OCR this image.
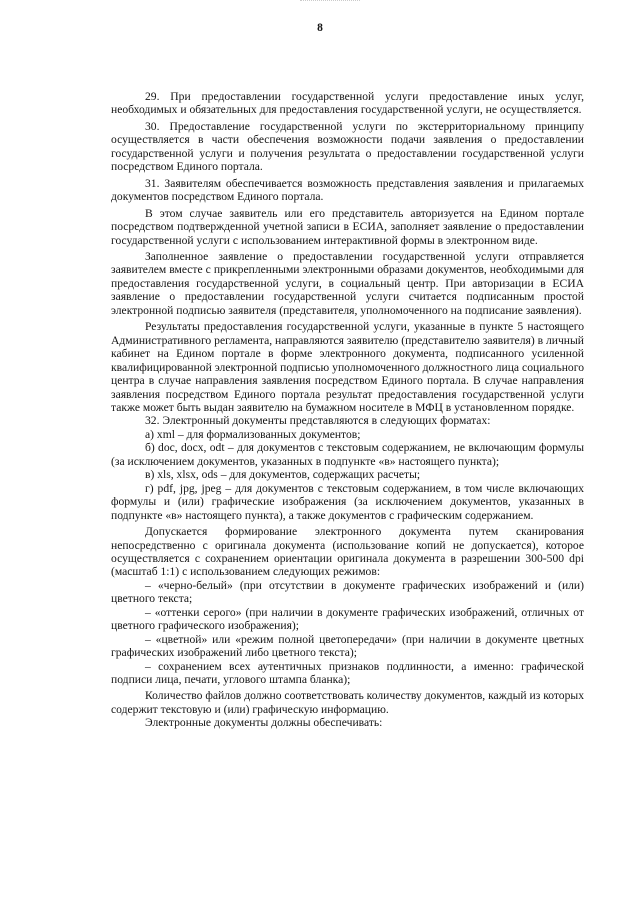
8

29. При предоставлении государственной услуги предоставление иных услуг, необходимых и обязательных для предоставления государственной услуги, не осуществляется.

30. Предоставление государственной услуги по экстерриториальному принципу осуществляется в части обеспечения возможности подачи заявления о предоставлении государственной услуги и получения результата о предоставлении государственной услуги посредством Единого портала.

31. Заявителям обеспечивается возможность представления заявления и прилагаемых документов посредством Единого портала.

В этом случае заявитель или его представитель авторизуется на Едином портале посредством подтвержденной учетной записи в ЕСИА, заполняет заявление о предоставлении государственной услуги с использованием интерактивной формы в электронном виде.

Заполненное заявление о предоставлении государственной услуги отправляется заявителем вместе с прикрепленными электронными образами документов, необходимыми для предоставления государственной услуги, в социальный центр. При авторизации в ЕСИА заявление о предоставлении государственной услуги считается подписанным простой электронной подписью заявителя (представителя, уполномоченного на подписание заявления).

Результаты предоставления государственной услуги, указанные в пункте 5 настоящего Административного регламента, направляются заявителю (представителю заявителя) в личный кабинет на Едином портале в форме электронного документа, подписанного усиленной квалифицированной электронной подписью уполномоченного должностного лица социального центра в случае направления заявления посредством Единого портала. В случае направления заявления посредством Единого портала результат предоставления государственной услуги также может быть выдан заявителю на бумажном носителе в МФЦ в установленном порядке.

32. Электронный документы представляются в следующих форматах:

а) xml – для формализованных документов;

б) doc, docx, odt – для документов с текстовым содержанием, не включающим формулы (за исключением документов, указанных в подпункте «в» настоящего пункта);

в) xls, xlsx, ods – для документов, содержащих расчеты;

г) pdf, jpg, jpeg – для документов с текстовым содержанием, в том числе включающих формулы и (или) графические изображения (за исключением документов, указанных в подпункте «в» настоящего пункта), а также документов с графическим содержанием.

Допускается формирование электронного документа путем сканирования непосредственно с оригинала документа (использование копий не допускается), которое осуществляется с сохранением ориентации оригинала документа в разрешении 300-500 dpi (масштаб 1:1) с использованием следующих режимов:

– «черно-белый» (при отсутствии в документе графических изображений и (или) цветного текста;

– «оттенки серого» (при наличии в документе графических изображений, отличных от цветного графического изображения);

– «цветной» или «режим полной цветопередачи» (при наличии в документе цветных графических изображений либо цветного текста);

– сохранением всех аутентичных признаков подлинности, а именно: графической подписи лица, печати, углового штампа бланка);

Количество файлов должно соответствовать количеству документов, каждый из которых содержит текстовую и (или) графическую информацию.

Электронные документы должны обеспечивать:
